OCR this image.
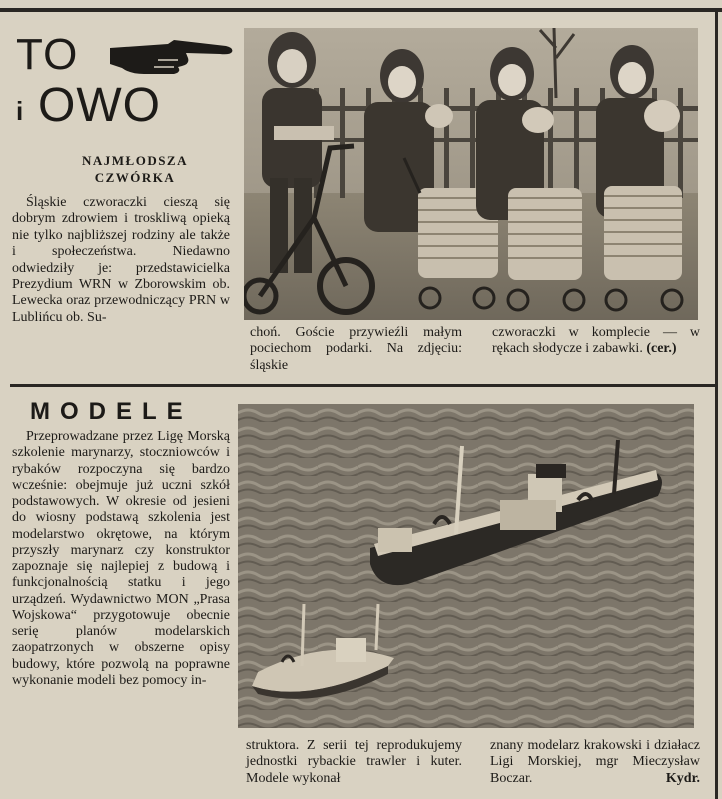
TO
i OWO
NAJMŁODSZA
CZWÓRKA

Śląskie czworaczki cieszą się dobrym zdrowiem i troskliwą opieką nie tylko najbliższej rodziny ale także i społeczeństwa. Niedawno odwiedziły je: przedstawicielka Prezydium WRN w Zborowskim ob. Lewecka oraz przewodniczący PRN w Lublińcu ob. Su-

choń. Goście przywieźli małym pociechom podarki. Na zdjęciu: śląskie

czworaczki w komplecie — w rękach słodycze i zabawki. (cer.)

MODELE

Przeprowadzane przez Ligę Morską szkolenie marynarzy, stoczniowców i rybaków rozpoczyna się bardzo wcześnie: obejmuje już uczni szkół podstawowych. W okresie od jesieni do wiosny podstawą szkolenia jest modelarstwo okrętowe, na którym przyszły marynarz czy konstruktor zapoznaje się najlepiej z budową i funkcjonalnością statku i jego urządzeń. Wydawnictwo MON „Prasa Wojskowa“ przygotowuje obecnie serię planów modelarskich zaopatrzonych w obszerne opisy budowy, które pozwolą na poprawne wykonanie modeli bez pomocy in-

struktora. Z serii tej reprodukujemy jednostki rybackie trawler i kuter. Modele wykonał

znany modelarz krakowski i działacz Ligi Morskiej, mgr Mieczysław Boczar.	Kydr.
